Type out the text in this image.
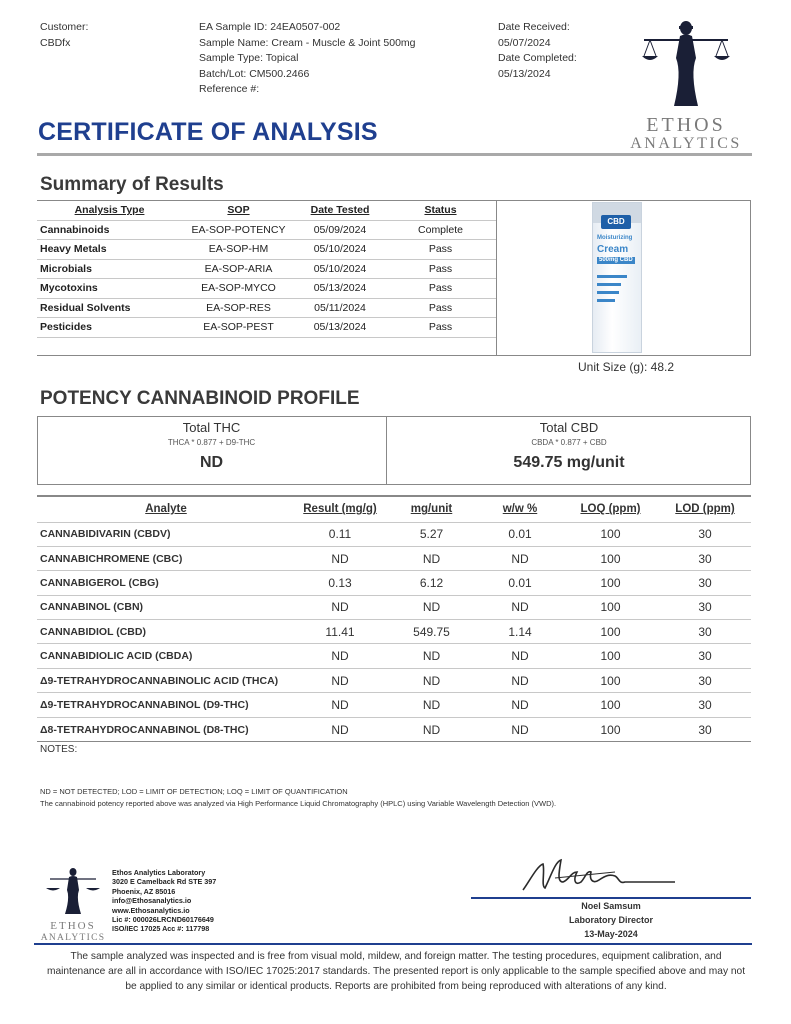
Customer:
CBDfx
EA Sample ID: 24EA0507-002
Sample Name: Cream - Muscle & Joint 500mg
Sample Type: Topical
Batch/Lot: CM500.2466
Reference #:
Date Received:
05/07/2024
Date Completed:
05/13/2024
ETHOS
ANALYTICS
CERTIFICATE OF ANALYSIS
Summary of Results
Analysis Type	SOP	Date Tested	Status
Cannabinoids	EA-SOP-POTENCY	05/09/2024	Complete
Heavy Metals	EA-SOP-HM	05/10/2024	Pass
Microbials	EA-SOP-ARIA	05/10/2024	Pass
Mycotoxins	EA-SOP-MYCO	05/13/2024	Pass
Residual Solvents	EA-SOP-RES	05/11/2024	Pass
Pesticides	EA-SOP-PEST	05/13/2024	Pass

CBD
Moisturizing
Cream
500mg CBD
Unit Size (g): 48.2
POTENCY CANNABINOID PROFILE
Total THC
THCA * 0.877 + D9-THC
ND
Total CBD
CBDA * 0.877 + CBD
549.75 mg/unit
Analyte	Result (mg/g)	mg/unit	w/w %	LOQ (ppm)	LOD (ppm)
CANNABIDIVARIN (CBDV)	0.11	5.27	0.01	100	30
CANNABICHROMENE (CBC)	ND	ND	ND	100	30
CANNABIGEROL (CBG)	0.13	6.12	0.01	100	30
CANNABINOL (CBN)	ND	ND	ND	100	30
CANNABIDIOL (CBD)	11.41	549.75	1.14	100	30
CANNABIDIOLIC ACID (CBDA)	ND	ND	ND	100	30
Δ9-TETRAHYDROCANNABINOLIC ACID (THCA)	ND	ND	ND	100	30
Δ9-TETRAHYDROCANNABINOL (D9-THC)	ND	ND	ND	100	30
Δ8-TETRAHYDROCANNABINOL (D8-THC)	ND	ND	ND	100	30
NOTES:
ND = NOT DETECTED; LOD = LIMIT OF DETECTION; LOQ = LIMIT OF QUANTIFICATION
The cannabinoid potency reported above was analyzed via High Performance Liquid Chromatography (HPLC) using Variable Wavelength Detection (VWD).
ETHOS
ANALYTICS
Ethos Analytics Laboratory
3020 E Camelback Rd STE 397
Phoenix, AZ 85016
info@Ethosanalytics.io
www.Ethosanalytics.io
Lic #: 000026LRCND60176649
ISO/IEC 17025 Acc #: 117798
Noel Samsum
Laboratory Director
13-May-2024
The sample analyzed was inspected and is free from visual mold, mildew, and foreign matter. The testing procedures, equipment calibration, and maintenance are all in accordance with ISO/IEC 17025:2017 standards. The presented report is only applicable to the sample specified above and may not be applied to any similar or identical products. Reports are prohibited from being reproduced with alterations of any kind.
